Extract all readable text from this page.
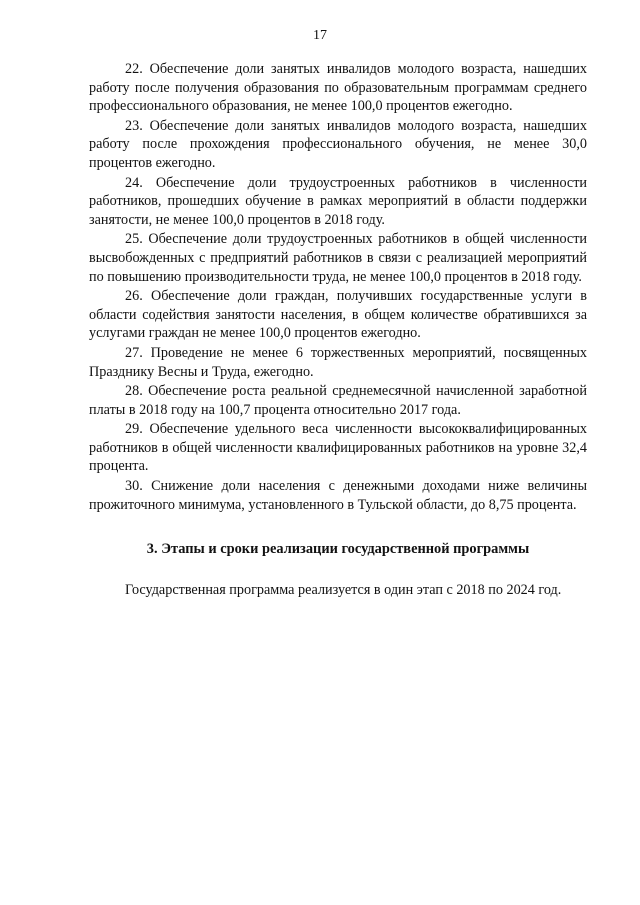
17

22. Обеспечение доли занятых инвалидов молодого возраста, нашедших работу после получения образования по образовательным программам среднего профессионального образования, не менее 100,0 процентов ежегодно.

23. Обеспечение доли занятых инвалидов молодого возраста, нашедших работу после прохождения профессионального обучения, не менее 30,0 процентов ежегодно.

24. Обеспечение доли трудоустроенных работников в численности работников, прошедших обучение в рамках мероприятий в области поддержки занятости, не менее 100,0 процентов в 2018 году.

25. Обеспечение доли трудоустроенных работников в общей численности высвобожденных с предприятий работников в связи с реализацией мероприятий по повышению производительности труда, не менее 100,0 процентов в 2018 году.

26. Обеспечение доли граждан, получивших государственные услуги в области содействия занятости населения, в общем количестве обратившихся за услугами граждан не менее 100,0 процентов ежегодно.

27. Проведение не менее 6 торжественных мероприятий, посвященных Празднику Весны и Труда, ежегодно.

28. Обеспечение роста реальной среднемесячной начисленной заработной платы в 2018 году на 100,7 процента относительно 2017 года.

29. Обеспечение удельного веса численности высококвалифицированных работников в общей численности квалифицированных работников на уровне 32,4 процента.

30. Снижение доли населения с денежными доходами ниже величины прожиточного минимума, установленного в Тульской области, до 8,75 процента.

3. Этапы и сроки реализации государственной программы

Государственная программа реализуется в один этап с 2018 по 2024 год.
